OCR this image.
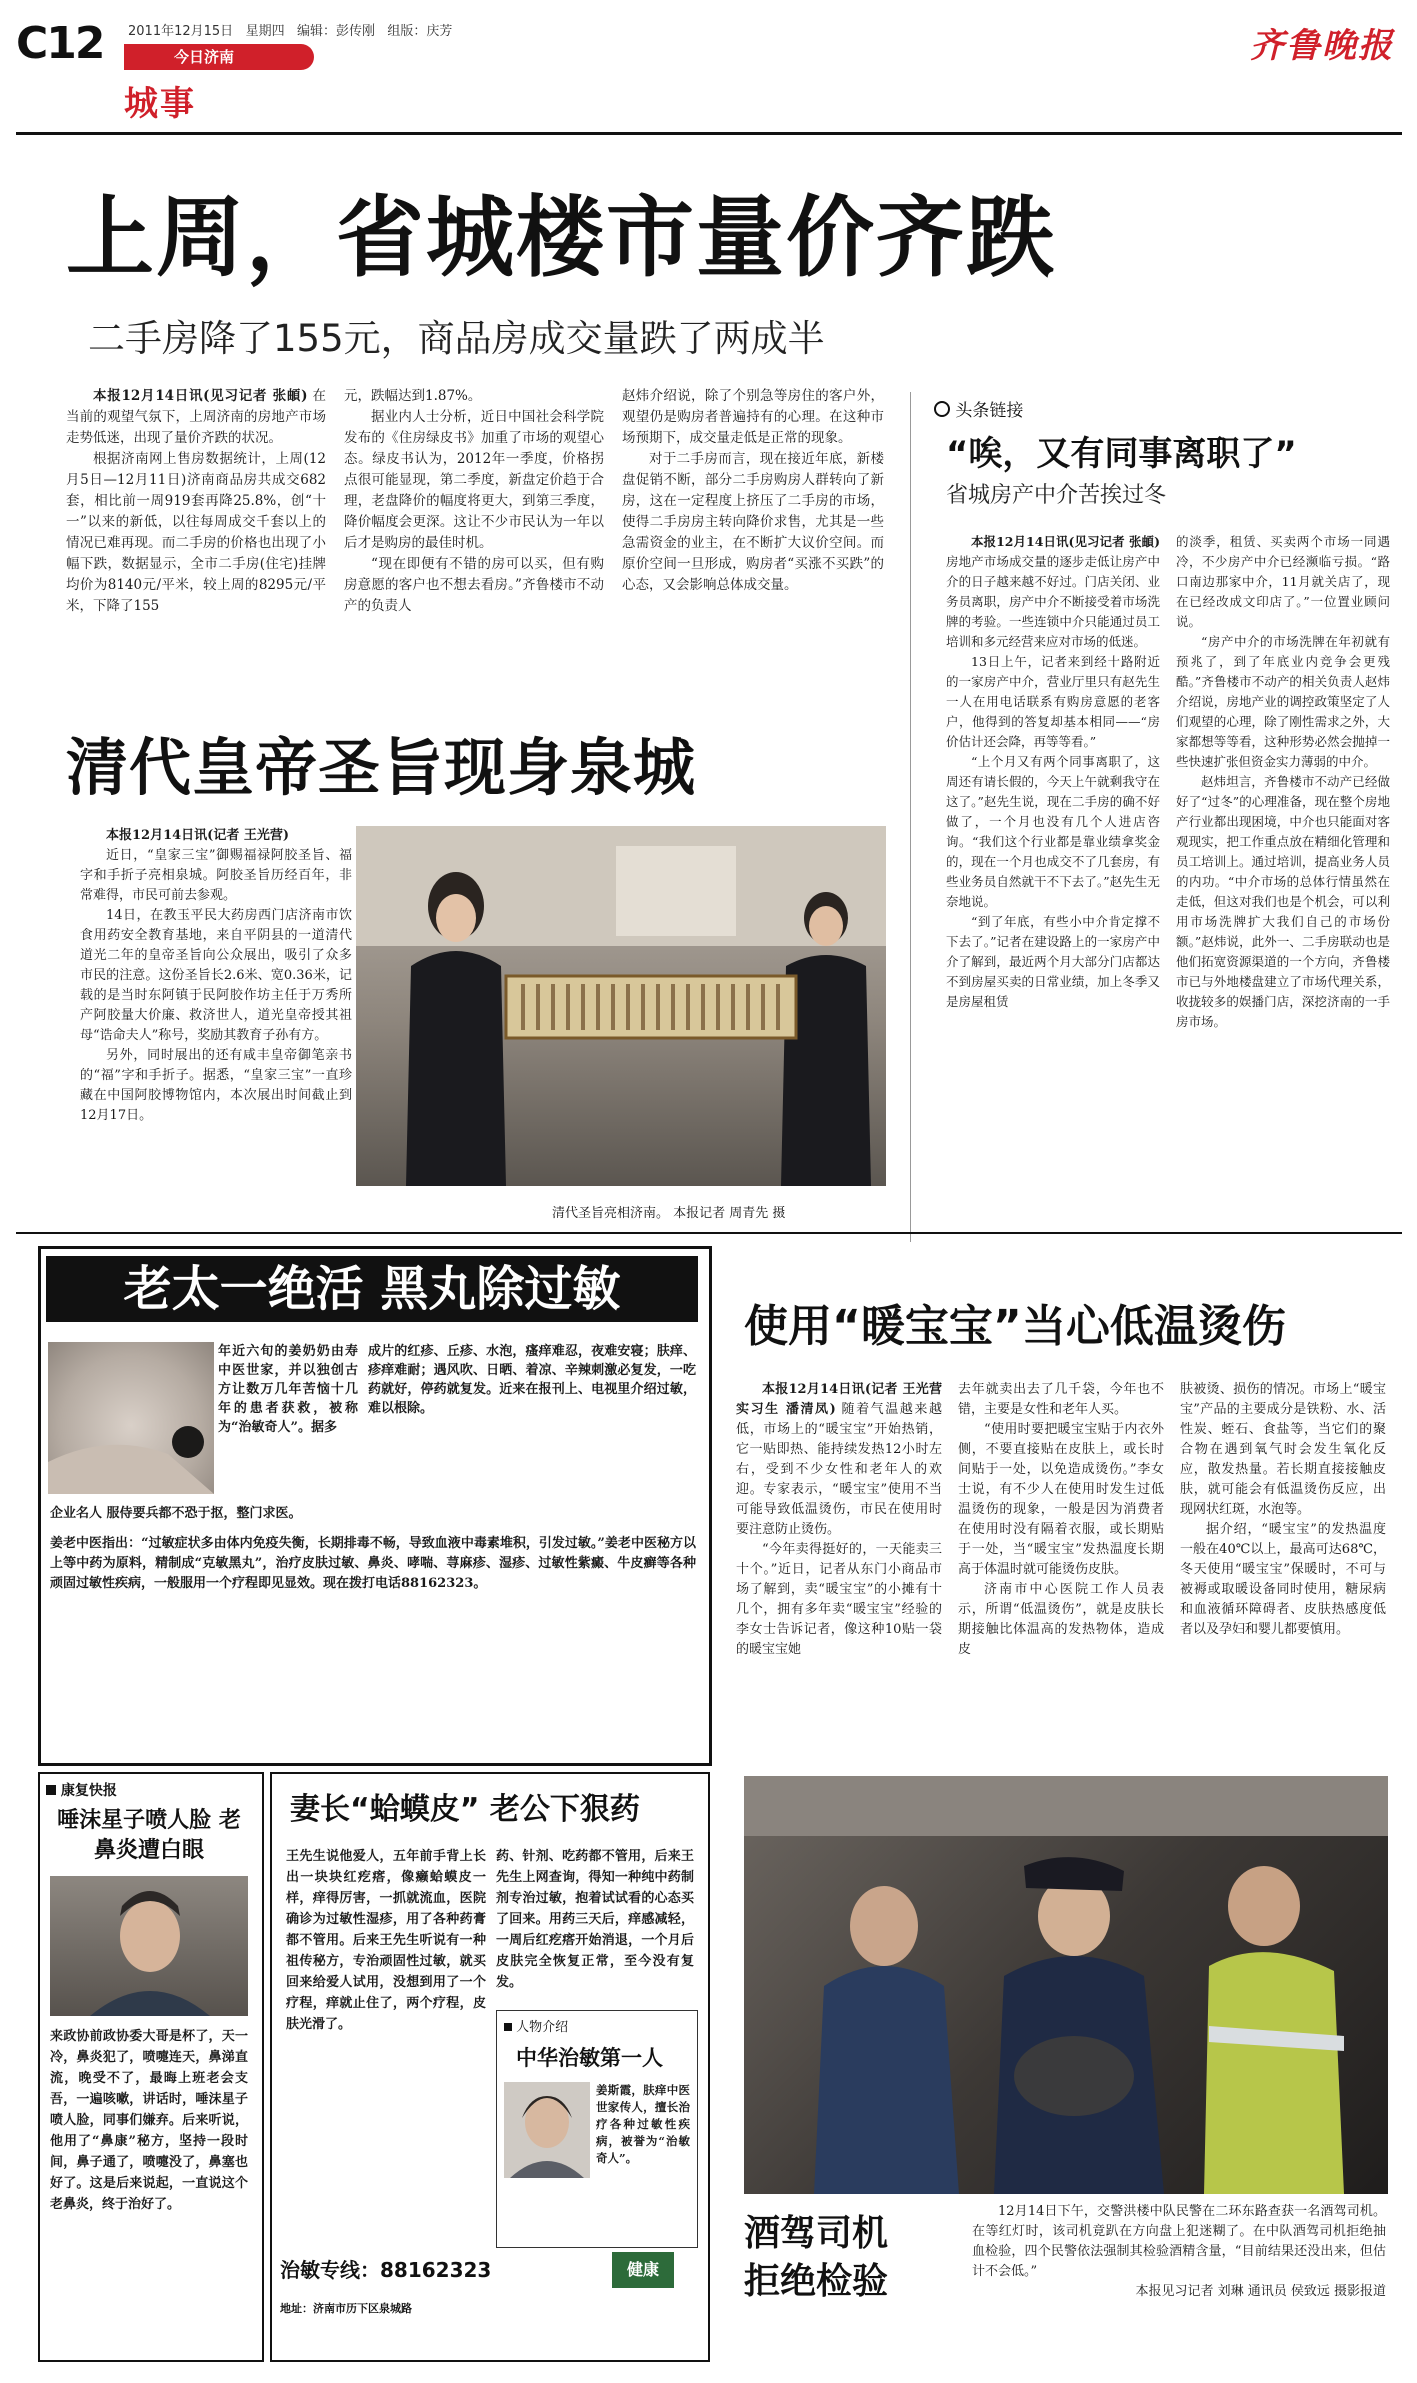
C12 2011年12月15日 星期四 编辑：彭传刚 组版：庆芳
今日济南
城事
齐鲁晚报
上周，省城楼市量价齐跌
二手房降了155元，商品房成交量跌了两成半

本报12月14日讯(见习记者 张頔) 在当前的观望气氛下，上周济南的房地产市场走势低迷，出现了量价齐跌的状况。

根据济南网上售房数据统计，上周(12月5日—12月11日)济南商品房共成交682套，相比前一周919套再降25.8%，创“十一”以来的新低，以往每周成交千套以上的情况已难再现。而二手房的价格也出现了小幅下跌，数据显示，全市二手房(住宅)挂牌均价为8140元/平米，较上周的8295元/平米，下降了155

元，跌幅达到1.87%。

据业内人士分析，近日中国社会科学院发布的《住房绿皮书》加重了市场的观望心态。绿皮书认为，2012年一季度，价格拐点很可能显现，第二季度，新盘定价趋于合理，老盘降价的幅度将更大，到第三季度，降价幅度会更深。这让不少市民认为一年以后才是购房的最佳时机。

“现在即便有不错的房可以买，但有购房意愿的客户也不想去看房。”齐鲁楼市不动产的负责人

赵炜介绍说，除了个别急等房住的客户外，观望仍是购房者普遍持有的心理。在这种市场预期下，成交量走低是正常的现象。

对于二手房而言，现在接近年底，新楼盘促销不断，部分二手房购房人群转向了新房，这在一定程度上挤压了二手房的市场，使得二手房房主转向降价求售，尤其是一些急需资金的业主，在不断扩大议价空间。而原价空间一旦形成，购房者“买涨不买跌”的心态，又会影响总体成交量。

头条链接
“唉，又有同事离职了”
省城房产中介苦挨过冬

本报12月14日讯(见习记者 张頔) 房地产市场成交量的逐步走低让房产中介的日子越来越不好过。门店关闭、业务员离职，房产中介不断接受着市场洗牌的考验。一些连锁中介只能通过员工培训和多元经营来应对市场的低迷。

13日上午，记者来到经十路附近的一家房产中介，营业厅里只有赵先生一人在用电话联系有购房意愿的老客户，他得到的答复却基本相同——“房价估计还会降，再等等看。”

“上个月又有两个同事离职了，这周还有请长假的，今天上午就剩我守在这了。”赵先生说，现在二手房的确不好做了，一个月也没有几个人进店咨询。“我们这个行业都是靠业绩拿奖金的，现在一个月也成交不了几套房，有些业务员自然就干不下去了。”赵先生无奈地说。

“到了年底，有些小中介肯定撑不下去了。”记者在建设路上的一家房产中介了解到，最近两个月大部分门店都达不到房屋买卖的日常业绩，加上冬季又是房屋租赁

的淡季，租赁、买卖两个市场一同遇冷，不少房产中介已经濒临亏损。“路口南边那家中介，11月就关店了，现在已经改成文印店了。”一位置业顾问说。

“房产中介的市场洗牌在年初就有预兆了，到了年底业内竞争会更残酷。”齐鲁楼市不动产的相关负责人赵炜介绍说，房地产业的调控政策坚定了人们观望的心理，除了刚性需求之外，大家都想等等看，这种形势必然会抛掉一些快速扩张但资金实力薄弱的中介。

赵炜坦言，齐鲁楼市不动产已经做好了“过冬”的心理准备，现在整个房地产行业都出现困境，中介也只能面对客观现实，把工作重点放在精细化管理和员工培训上。通过培训，提高业务人员的内功。“中介市场的总体行情虽然在走低，但这对我们也是个机会，可以利用市场洗牌扩大我们自己的市场份额。”赵炜说，此外一、二手房联动也是他们拓宽资源渠道的一个方向，齐鲁楼市已与外地楼盘建立了市场代理关系，收拢较多的娱播门店，深挖济南的一手房市场。

清代皇帝圣旨现身泉城

本报12月14日讯(记者 王光营)

近日，“皇家三宝”御赐福禄阿胶圣旨、福字和手折子亮相泉城。阿胶圣旨历经百年，非常难得，市民可前去参观。

14日，在教玉平民大药房西门店济南市饮食用药安全教育基地，来自平阴县的一道清代道光二年的皇帝圣旨向公众展出，吸引了众多市民的注意。这份圣旨长2.6米、宽0.36米，记载的是当时东阿镇于民阿胶作坊主任于万秀所产阿胶量大价廉、救济世人，道光皇帝授其祖母“诰命夫人”称号，奖励其教育子孙有方。

另外，同时展出的还有咸丰皇帝御笔亲书的“福”字和手折子。据悉，“皇家三宝”一直珍藏在中国阿胶博物馆内，本次展出时间截止到12月17日。

清代圣旨亮相济南。 本报记者 周青先 摄
老太一绝活 黑丸除过敏
年近六旬的姜奶奶由寿中医世家，并以独创古方让数万几年苦恼十几年的患者获救，被称为“治敏奇人”。据多
成片的红疹、丘疹、水泡，瘙痒难忍，夜难安寝；肤痒、疹痒难耐；遇风吹、日晒、着凉、辛辣刺激必复发，一吃药就好，停药就复发。近来在报刊上、电视里介绍过敏，难以根除。
企业名人 服侍要兵都不恐于抠，整门求医。
姜老中医指出：“过敏症状多由体内免疫失衡，长期排毒不畅，导致血液中毒素堆积，引发过敏。”姜老中医秘方以上等中药为原料，精制成“克敏黑丸”，治疗皮肤过敏、鼻炎、哮喘、荨麻疹、湿疹、过敏性紫癜、牛皮癣等各种顽固过敏性疾病，一般服用一个疗程即见显效。现在拨打电话88162323。
使用“暖宝宝”当心低温烫伤

本报12月14日讯(记者 王光营 实习生 潘清凤) 随着气温越来越低，市场上的“暖宝宝”开始热销，它一贴即热、能持续发热12小时左右，受到不少女性和老年人的欢迎。专家表示，“暖宝宝”使用不当可能导致低温烫伤，市民在使用时要注意防止烫伤。

“今年卖得挺好的，一天能卖三十个。”近日，记者从东门小商品市场了解到，卖“暖宝宝”的小摊有十几个，拥有多年卖“暖宝宝”经验的李女士告诉记者，像这种10贴一袋的暖宝宝她

去年就卖出去了几千袋，今年也不错，主要是女性和老年人买。

“使用时要把暖宝宝贴于内衣外侧，不要直接贴在皮肤上，或长时间贴于一处，以免造成烫伤。”李女士说，有不少人在使用时发生过低温烫伤的现象，一般是因为消费者在使用时没有隔着衣服，或长期贴于一处，当“暖宝宝”发热温度长期高于体温时就可能烫伤皮肤。

济南市中心医院工作人员表示，所谓“低温烫伤”，就是皮肤长期接触比体温高的发热物体，造成皮

肤被烫、损伤的情况。市场上“暖宝宝”产品的主要成分是铁粉、水、活性炭、蛭石、食盐等，当它们的聚合物在遇到氧气时会发生氧化反应，散发热量。若长期直接接触皮肤，就可能会有低温烫伤反应，出现网状红斑，水泡等。

据介绍，“暖宝宝”的发热温度一般在40℃以上，最高可达68℃，冬天使用“暖宝宝”保暖时，不可与被褥或取暖设备同时使用，糖尿病和血液循环障碍者、皮肤热感度低者以及孕妇和婴儿都要慎用。

康复快报
唾沫星子喷人脸 老鼻炎遭白眼
来政协前政协委大哥是杯了，天一冷，鼻炎犯了，喷嚏连天，鼻涕直流，晚受不了，最晦上班老会支吾，一遍咳嗽，讲话时，唾沫星子喷人脸，同事们嫌弃。后来听说，他用了“鼻康”秘方，坚持一段时间，鼻子通了，喷嚏没了，鼻塞也好了。这是后来说起，一直说这个老鼻炎，终于治好了。
妻长“蛤蟆皮” 老公下狠药
王先生说他爱人，五年前手背上长出一块块红疙瘩，像癞蛤蟆皮一样，痒得厉害，一抓就流血，医院确诊为过敏性湿疹，用了各种药膏都不管用。后来王先生听说有一种祖传秘方，专治顽固性过敏，就买回来给爱人试用，没想到用了一个疗程，痒就止住了，两个疗程，皮肤光滑了。
药、针剂、吃药都不管用，后来王先生上网查询，得知一种纯中药制剂专治过敏，抱着试试看的心态买了回来。用药三天后，痒感减轻，一周后红疙瘩开始消退，一个月后皮肤完全恢复正常，至今没有复发。
人物介绍
中华治敏第一人
姜斯霞，肤痒中医世家传人，擅长治疗各种过敏性疾病，被誉为“治敏奇人”。
治敏专线：88162323	健康
地址：济南市历下区泉城路
酒驾司机
拒绝检验

12月14日下午，交警洪楼中队民警在二环东路查获一名酒驾司机。在等红灯时，该司机竟趴在方向盘上犯迷糊了。在中队酒驾司机拒绝抽血检验，四个民警依法强制其检验酒精含量，“目前结果还没出来，但估计不会低。”

本报见习记者 刘琳 通讯员 侯致远 摄影报道
